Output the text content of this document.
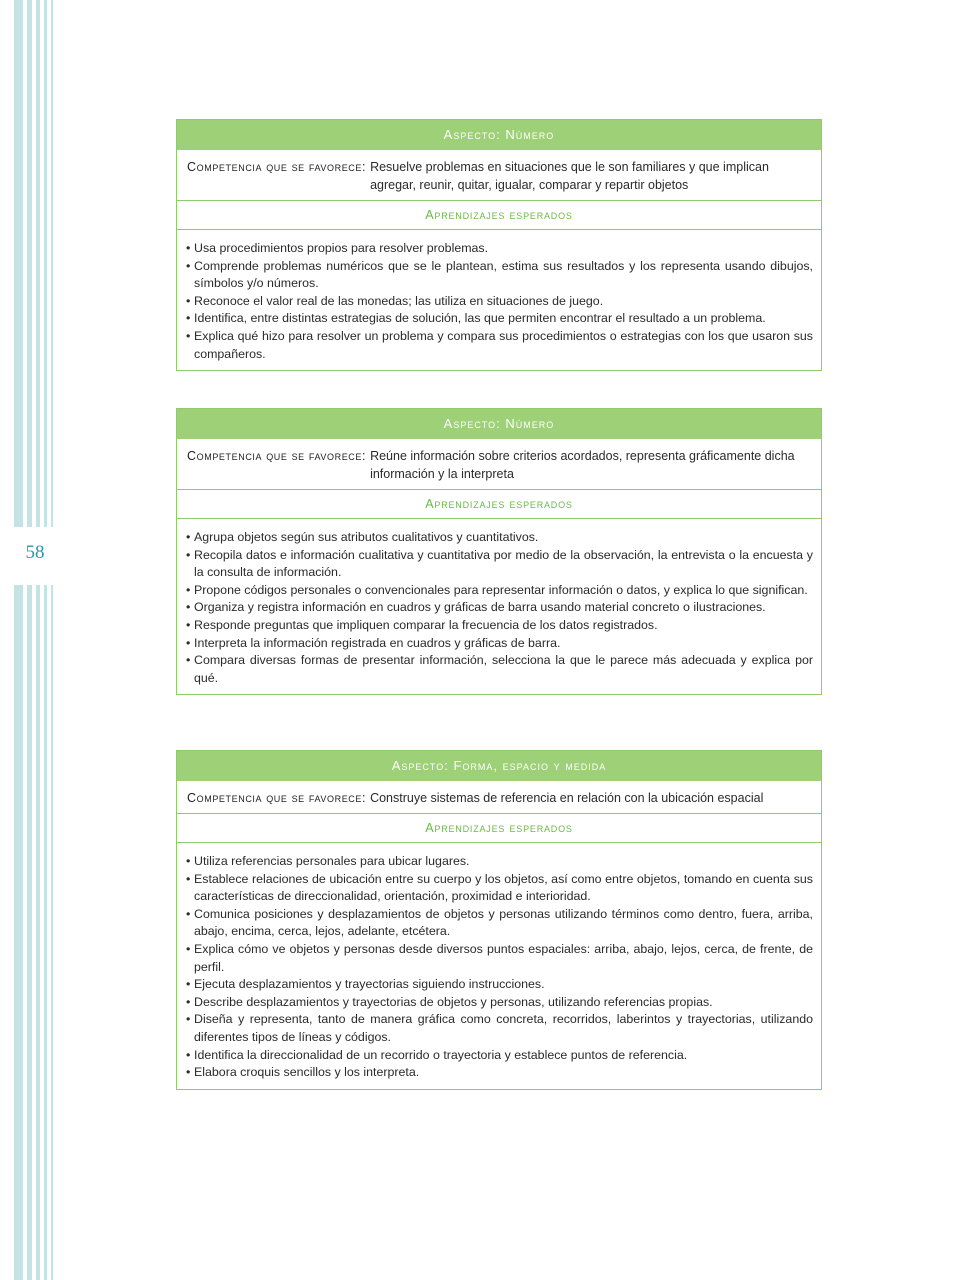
58
Aspecto: Número
Competencia que se favorece: Resuelve problemas en situaciones que le son familiares y que implican agregar, reunir, quitar, igualar, comparar y repartir objetos
Aprendizajes esperados
• Usa procedimientos propios para resolver problemas.
• Comprende problemas numéricos que se le plantean, estima sus resultados y los representa usando dibujos, símbolos y/o números.
• Reconoce el valor real de las monedas; las utiliza en situaciones de juego.
• Identifica, entre distintas estrategias de solución, las que permiten encontrar el resultado a un problema.
• Explica qué hizo para resolver un problema y compara sus procedimientos o estrategias con los que usaron sus compañeros.
Aspecto: Número
Competencia que se favorece: Reúne información sobre criterios acordados, representa gráficamente dicha información y la interpreta
Aprendizajes esperados
• Agrupa objetos según sus atributos cualitativos y cuantitativos.
• Recopila datos e información cualitativa y cuantitativa por medio de la observación, la entrevista o la encuesta y la consulta de información.
• Propone códigos personales o convencionales para representar información o datos, y explica lo que significan.
• Organiza y registra información en cuadros y gráficas de barra usando material concreto o ilustraciones.
• Responde preguntas que impliquen comparar la frecuencia de los datos registrados.
• Interpreta la información registrada en cuadros y gráficas de barra.
• Compara diversas formas de presentar información, selecciona la que le parece más adecuada y explica por qué.
Aspecto: Forma, espacio y medida
Competencia que se favorece: Construye sistemas de referencia en relación con la ubicación espacial
Aprendizajes esperados
• Utiliza referencias personales para ubicar lugares.
• Establece relaciones de ubicación entre su cuerpo y los objetos, así como entre objetos, tomando en cuenta sus características de direccionalidad, orientación, proximidad e interioridad.
• Comunica posiciones y desplazamientos de objetos y personas utilizando términos como dentro, fuera, arriba, abajo, encima, cerca, lejos, adelante, etcétera.
• Explica cómo ve objetos y personas desde diversos puntos espaciales: arriba, abajo, lejos, cerca, de frente, de perfil.
• Ejecuta desplazamientos y trayectorias siguiendo instrucciones.
• Describe desplazamientos y trayectorias de objetos y personas, utilizando referencias propias.
• Diseña y representa, tanto de manera gráfica como concreta, recorridos, laberintos y trayectorias, utilizando diferentes tipos de líneas y códigos.
• Identifica la direccionalidad de un recorrido o trayectoria y establece puntos de referencia.
• Elabora croquis sencillos y los interpreta.
